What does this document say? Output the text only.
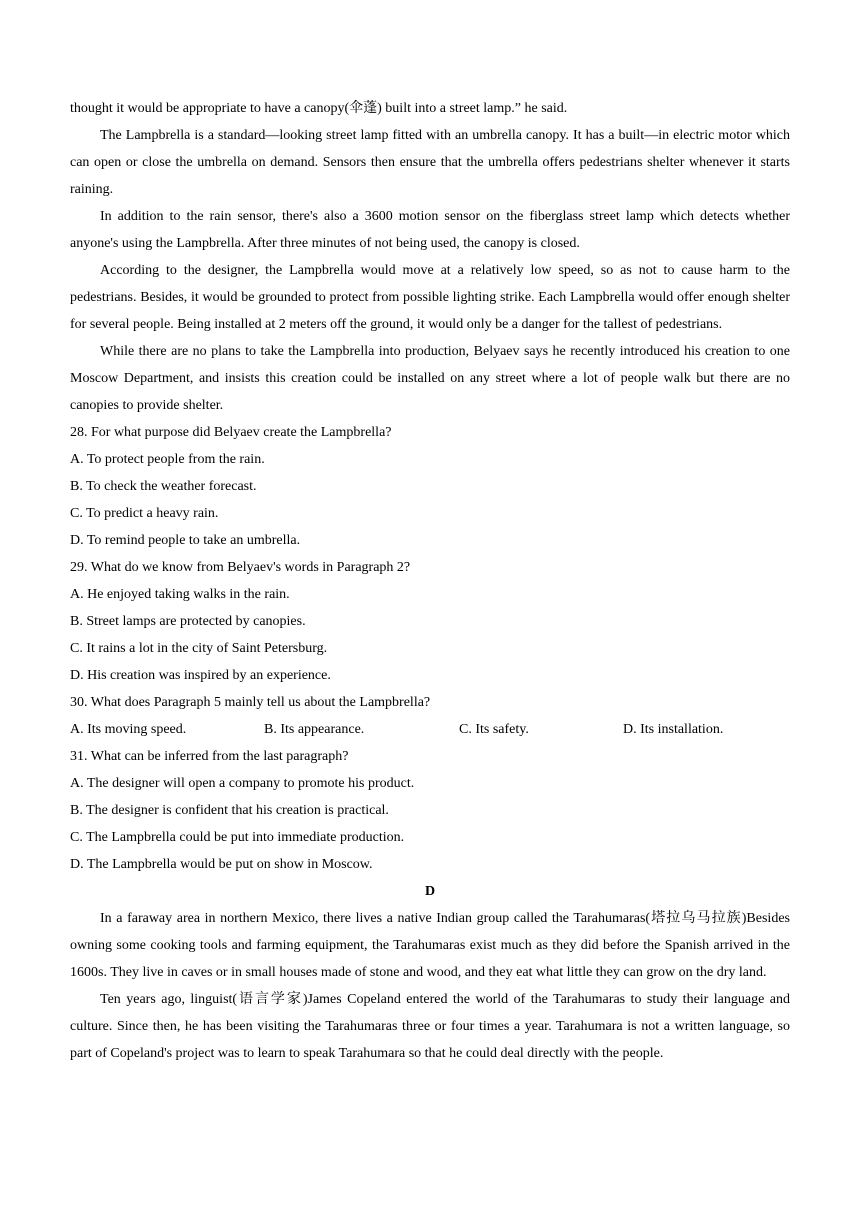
thought it would be appropriate to have a canopy(伞蓬) built into a street lamp.” he said.

The Lampbrella is a standard—looking street lamp fitted with an umbrella canopy. It has a built—in electric motor which can open or close the umbrella on demand. Sensors then ensure that the umbrella offers pedestrians shelter whenever it starts raining.

In addition to the rain sensor, there's also a 3600 motion sensor on the fiberglass street lamp which detects whether anyone's using the Lampbrella. After three minutes of not being used, the canopy is closed.

According to the designer, the Lampbrella would move at a relatively low speed, so as not to cause harm to the pedestrians. Besides, it would be grounded to protect from possible lighting strike. Each Lampbrella would offer enough shelter for several people. Being installed at 2 meters off the ground, it would only be a danger for the tallest of pedestrians.

While there are no plans to take the Lampbrella into production, Belyaev says he recently introduced his creation to one Moscow Department, and insists this creation could be installed on any street where a lot of people walk but there are no canopies to provide shelter.

28. For what purpose did Belyaev create the Lampbrella?
A. To protect people from the rain.
B. To check the weather forecast.
C. To predict a heavy rain.
D. To remind people to take an umbrella.
29. What do we know from Belyaev's words in Paragraph 2?
A. He enjoyed taking walks in the rain.
B. Street lamps are protected by canopies.
C. It rains a lot in the city of Saint Petersburg.
D. His creation was inspired by an experience.
30. What does Paragraph 5 mainly tell us about the Lampbrella?
A. Its moving speed.	B. Its appearance.	C. Its safety.	D. Its installation.
31. What can be inferred from the last paragraph?
A. The designer will open a company to promote his product.
B. The designer is confident that his creation is practical.
C. The Lampbrella could be put into immediate production.
D. The Lampbrella would be put on show in Moscow.

D

In a faraway area in northern Mexico, there lives a native Indian group called the Tarahumaras(塔拉乌马拉族)Besides owning some cooking tools and farming equipment, the Tarahumaras exist much as they did before the Spanish arrived in the 1600s. They live in caves or in small houses made of stone and wood, and they eat what little they can grow on the dry land.

Ten years ago, linguist(语言学家)James Copeland entered the world of the Tarahumaras to study their language and culture. Since then, he has been visiting the Tarahumaras three or four times a year. Tarahumara is not a written language, so part of Copeland's project was to learn to speak Tarahumara so that he could deal directly with the people.
